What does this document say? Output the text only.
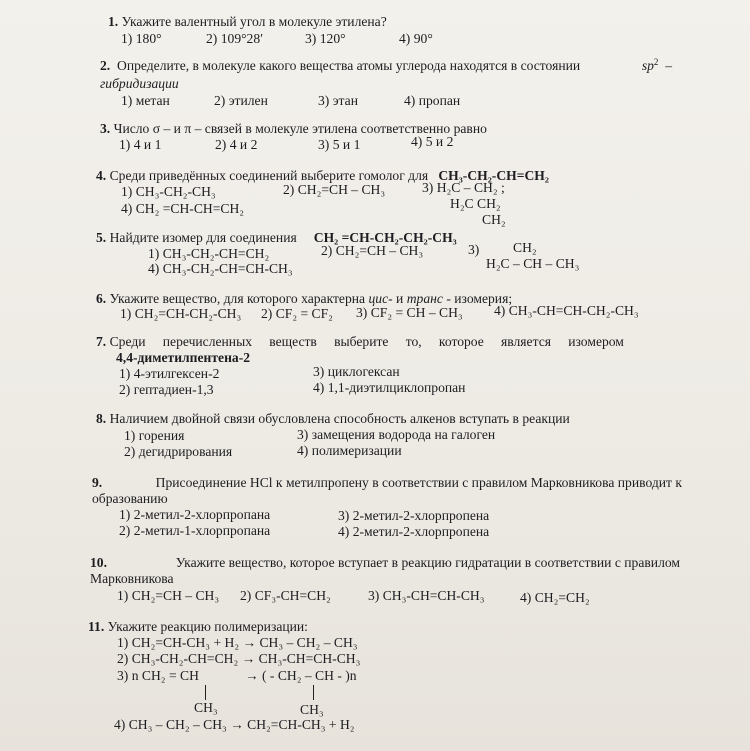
1. Укажите валентный угол в молекуле этилена?
1) 180°	2) 109°28′	3) 120°	4) 90°
2. Определите, в молекуле какого вещества атомы углерода находятся в состоянии	$sp^2$ –
гибридизации
1) метан	2) этилен	3) этан	4) пропан
3. Число σ – и π – связей в молекуле этилена соответственно равно
1) 4 и 1	2) 4 и 2	3) 5 и 1	4) 5 и 2
4. Среди приведённых соединений выберите гомолог для CH₃-CH₂-CH=CH₂
1) CH₃-CH₂-CH₃	2) CH₂=CH – CH₃	3) H₂C – CH₂ ;
H₂C CH₂
CH₂
4) CH₂ =CH-CH=CH₂
5. Найдите изомер для соединения CH₂ =CH-CH₂-CH₂-CH₃
1) CH₃-CH₂-CH=CH₂	2) CH₂=CH – CH₃	3) CH₂
H₂C – CH – CH₃
4) CH₃-CH₂-CH=CH-CH₃
6. Укажите вещество, для которого характерна цис- и транс - изомерия;
1) CH₂=CH-CH₂-CH₃ 2) CF₂ = CF₂ 3) CF₂ = CH – CH₃ 4) CH₃-CH=CH-CH₂-CH₃
7. Среди перечисленных веществ выберите то, которое является изомером
4,4-диметилпентена-2
1) 4-этилгексен-2	3) циклогексан
2) гептадиен-1,3	4) 1,1-диэтилциклопропан
8. Наличием двойной связи обусловлена способность алкенов вступать в реакции
1) горения	3) замещения водорода на галоген
2) дегидрирования	4) полимеризации
9.	Присоединение HCl к метилпропену в соответствии с правилом Марковникова приводит к
образованию
1) 2-метил-2-хлорпропана	3) 2-метил-2-хлорпропена
2) 2-метил-1-хлорпропана	4) 2-метил-2-хлорпропена
10.	Укажите вещество, которое вступает в реакцию гидратации в соответствии с правилом
Марковникова
1) CH₂=CH – CH₃ 2) CF₃-CH=CH₂	3) CH₃-CH=CH-CH₃	4) CH₂=CH₂
11. Укажите реакцию полимеризации:
1) CH₂=CH-CH₃ + H₂ → CH₃ – CH₂ – CH₃
2) CH₃-CH₂-CH=CH₂ → CH₃-CH=CH-CH₃
3) n CH₂ = CH	→ ( - CH₂ – CH - )n
CH₃	CH₃
4) CH₃ – CH₂ – CH₃ → CH₂=CH-CH₃ + H₂
